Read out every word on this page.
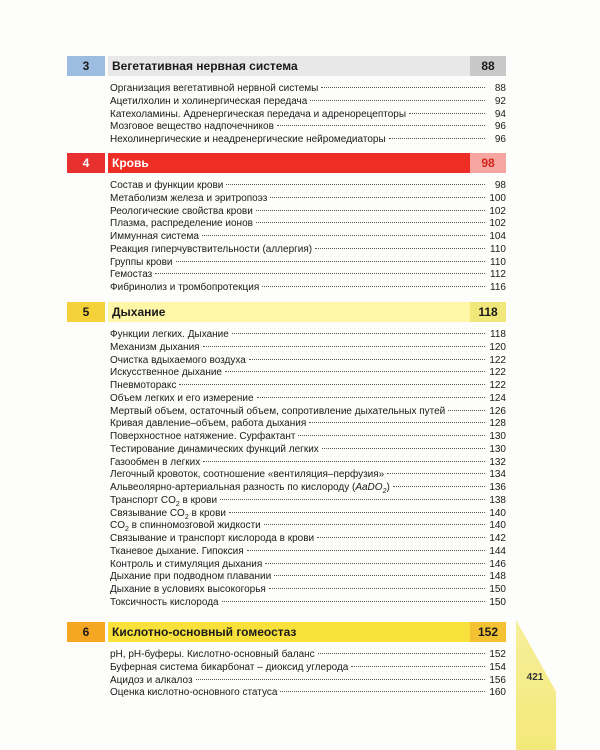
3	Вегетативная нервная система	88
Организация вегетативной нервной системы	88
Ацетилхолин и холинергическая передача	92
Катехоламины. Адренергическая передача и адренорецепторы	94
Мозговое вещество надпочечников	96
Нехолинергические и неадренергические нейромедиаторы	96
4	Кровь	98
Состав и функции крови	98
Метаболизм железа и эритропоэз	100
Реологические свойства крови	102
Плазма, распределение ионов	102
Иммунная система	104
Реакция гиперчувствительности (аллергия)	110
Группы крови	110
Гемостаз	112
Фибринолиз и тромбопротекция	116
5	Дыхание	118
Функции легких. Дыхание	118
Механизм дыхания	120
Очистка вдыхаемого воздуха	122
Искусственное дыхание	122
Пневмоторакс	122
Объем легких и его измерение	124
Мертвый объем, остаточный объем, сопротивление дыхательных путей	126
Кривая давление–объем, работа дыхания	128
Поверхностное натяжение. Сурфактант	130
Тестирование динамических функций легких	130
Газообмен в легких	132
Легочный кровоток, соотношение «вентиляция–перфузия»	134
Альвеолярно-артериальная разность по кислороду (AaDO$_2$)	136
Транспорт $CO_2$ в крови	138
Связывание $CO_2$ в крови	140
$CO_2$ в спинномозговой жидкости	140
Связывание и транспорт кислорода в крови	142
Тканевое дыхание. Гипоксия	144
Контроль и стимуляция дыхания	146
Дыхание при подводном плавании	148
Дыхание в условиях высокогорья	150
Токсичность кислорода	150
6	Кислотно-основный гомеостаз	152
pH, pH-буферы. Кислотно-основный баланс	152
Буферная система бикарбонат – диоксид углерода	154
Ацидоз и алкалоз	156
Оценка кислотно-основного статуса	160
421
